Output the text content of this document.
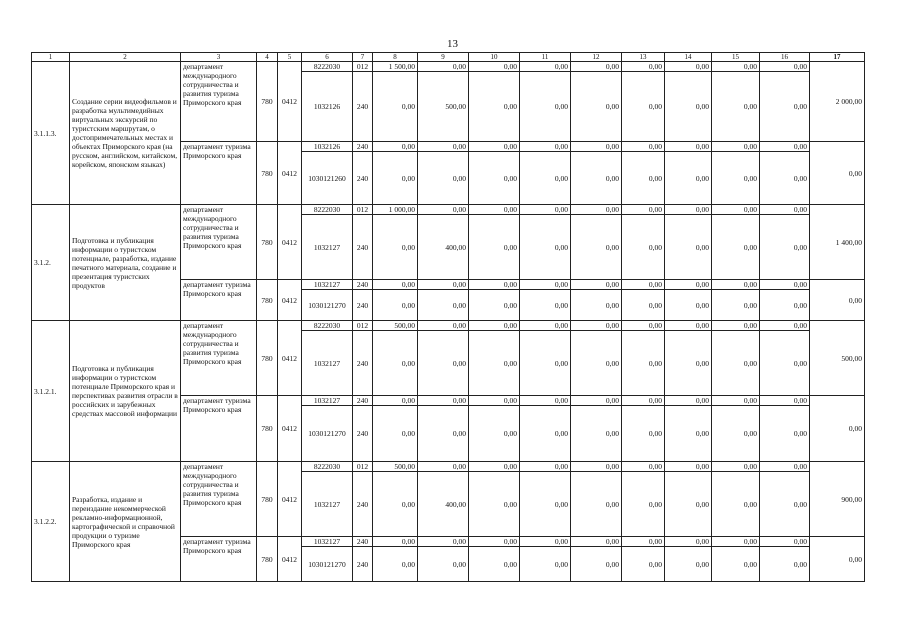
13
1	2	3	4	5	6	7	8	9	10	11	12	13	14	15	16	17
3.1.1.3.	Создание серии видеофильмов и разработка мультимедийных виртуальных экскурсий по туристским маршрутам, о достопримечательных местах и объектах Приморского края (на русском, английском, китайском, корейском, японском языках)	департамент международного сотрудничества и развития туризма Приморского края	780	0412	8222030	012	1 500,00	0,00	0,00	0,00	0,00	0,00	0,00	0,00	0,00	2 000,00
					1032126	240	0,00	500,00	0,00	0,00	0,00	0,00	0,00	0,00	0,00	
		департамент туризма Приморского края	780	0412	1032126	240	0,00	0,00	0,00	0,00	0,00	0,00	0,00	0,00	0,00	0,00
					1030121260	240	0,00	0,00	0,00	0,00	0,00	0,00	0,00	0,00	0,00	
3.1.2.	Подготовка и публикация информации о туристском потенциале, разработка, издание печатного материала, создание и презентация туристских продуктов	департамент международного сотрудничества и развития туризма Приморского края	780	0412	8222030	012	1 000,00	0,00	0,00	0,00	0,00	0,00	0,00	0,00	0,00	1 400,00
					1032127	240	0,00	400,00	0,00	0,00	0,00	0,00	0,00	0,00	0,00	
		департамент туризма Приморского края	780	0412	1032127	240	0,00	0,00	0,00	0,00	0,00	0,00	0,00	0,00	0,00	0,00
					1030121270	240	0,00	0,00	0,00	0,00	0,00	0,00	0,00	0,00	0,00	
3.1.2.1.	Подготовка и публикация информации о туристском потенциале Приморского края и перспективах развития отрасли в российских и зарубежных средствах массовой информации	департамент международного сотрудничества и развития туризма Приморского края	780	0412	8222030	012	500,00	0,00	0,00	0,00	0,00	0,00	0,00	0,00	0,00	500,00
					1032127	240	0,00	0,00	0,00	0,00	0,00	0,00	0,00	0,00	0,00	
		департамент туризма Приморского края	780	0412	1032127	240	0,00	0,00	0,00	0,00	0,00	0,00	0,00	0,00	0,00	0,00
					1030121270	240	0,00	0,00	0,00	0,00	0,00	0,00	0,00	0,00	0,00	
3.1.2.2.	Разработка, издание и переиздание некоммерческой рекламно-информационной, картографической и справочной продукции о туризме Приморского края	департамент международного сотрудничества и развития туризма Приморского края	780	0412	8222030	012	500,00	0,00	0,00	0,00	0,00	0,00	0,00	0,00	0,00	900,00
					1032127	240	0,00	400,00	0,00	0,00	0,00	0,00	0,00	0,00	0,00	
		департамент туризма Приморского края	780	0412	1032127	240	0,00	0,00	0,00	0,00	0,00	0,00	0,00	0,00	0,00	0,00
					1030121270	240	0,00	0,00	0,00	0,00	0,00	0,00	0,00	0,00	0,00	
